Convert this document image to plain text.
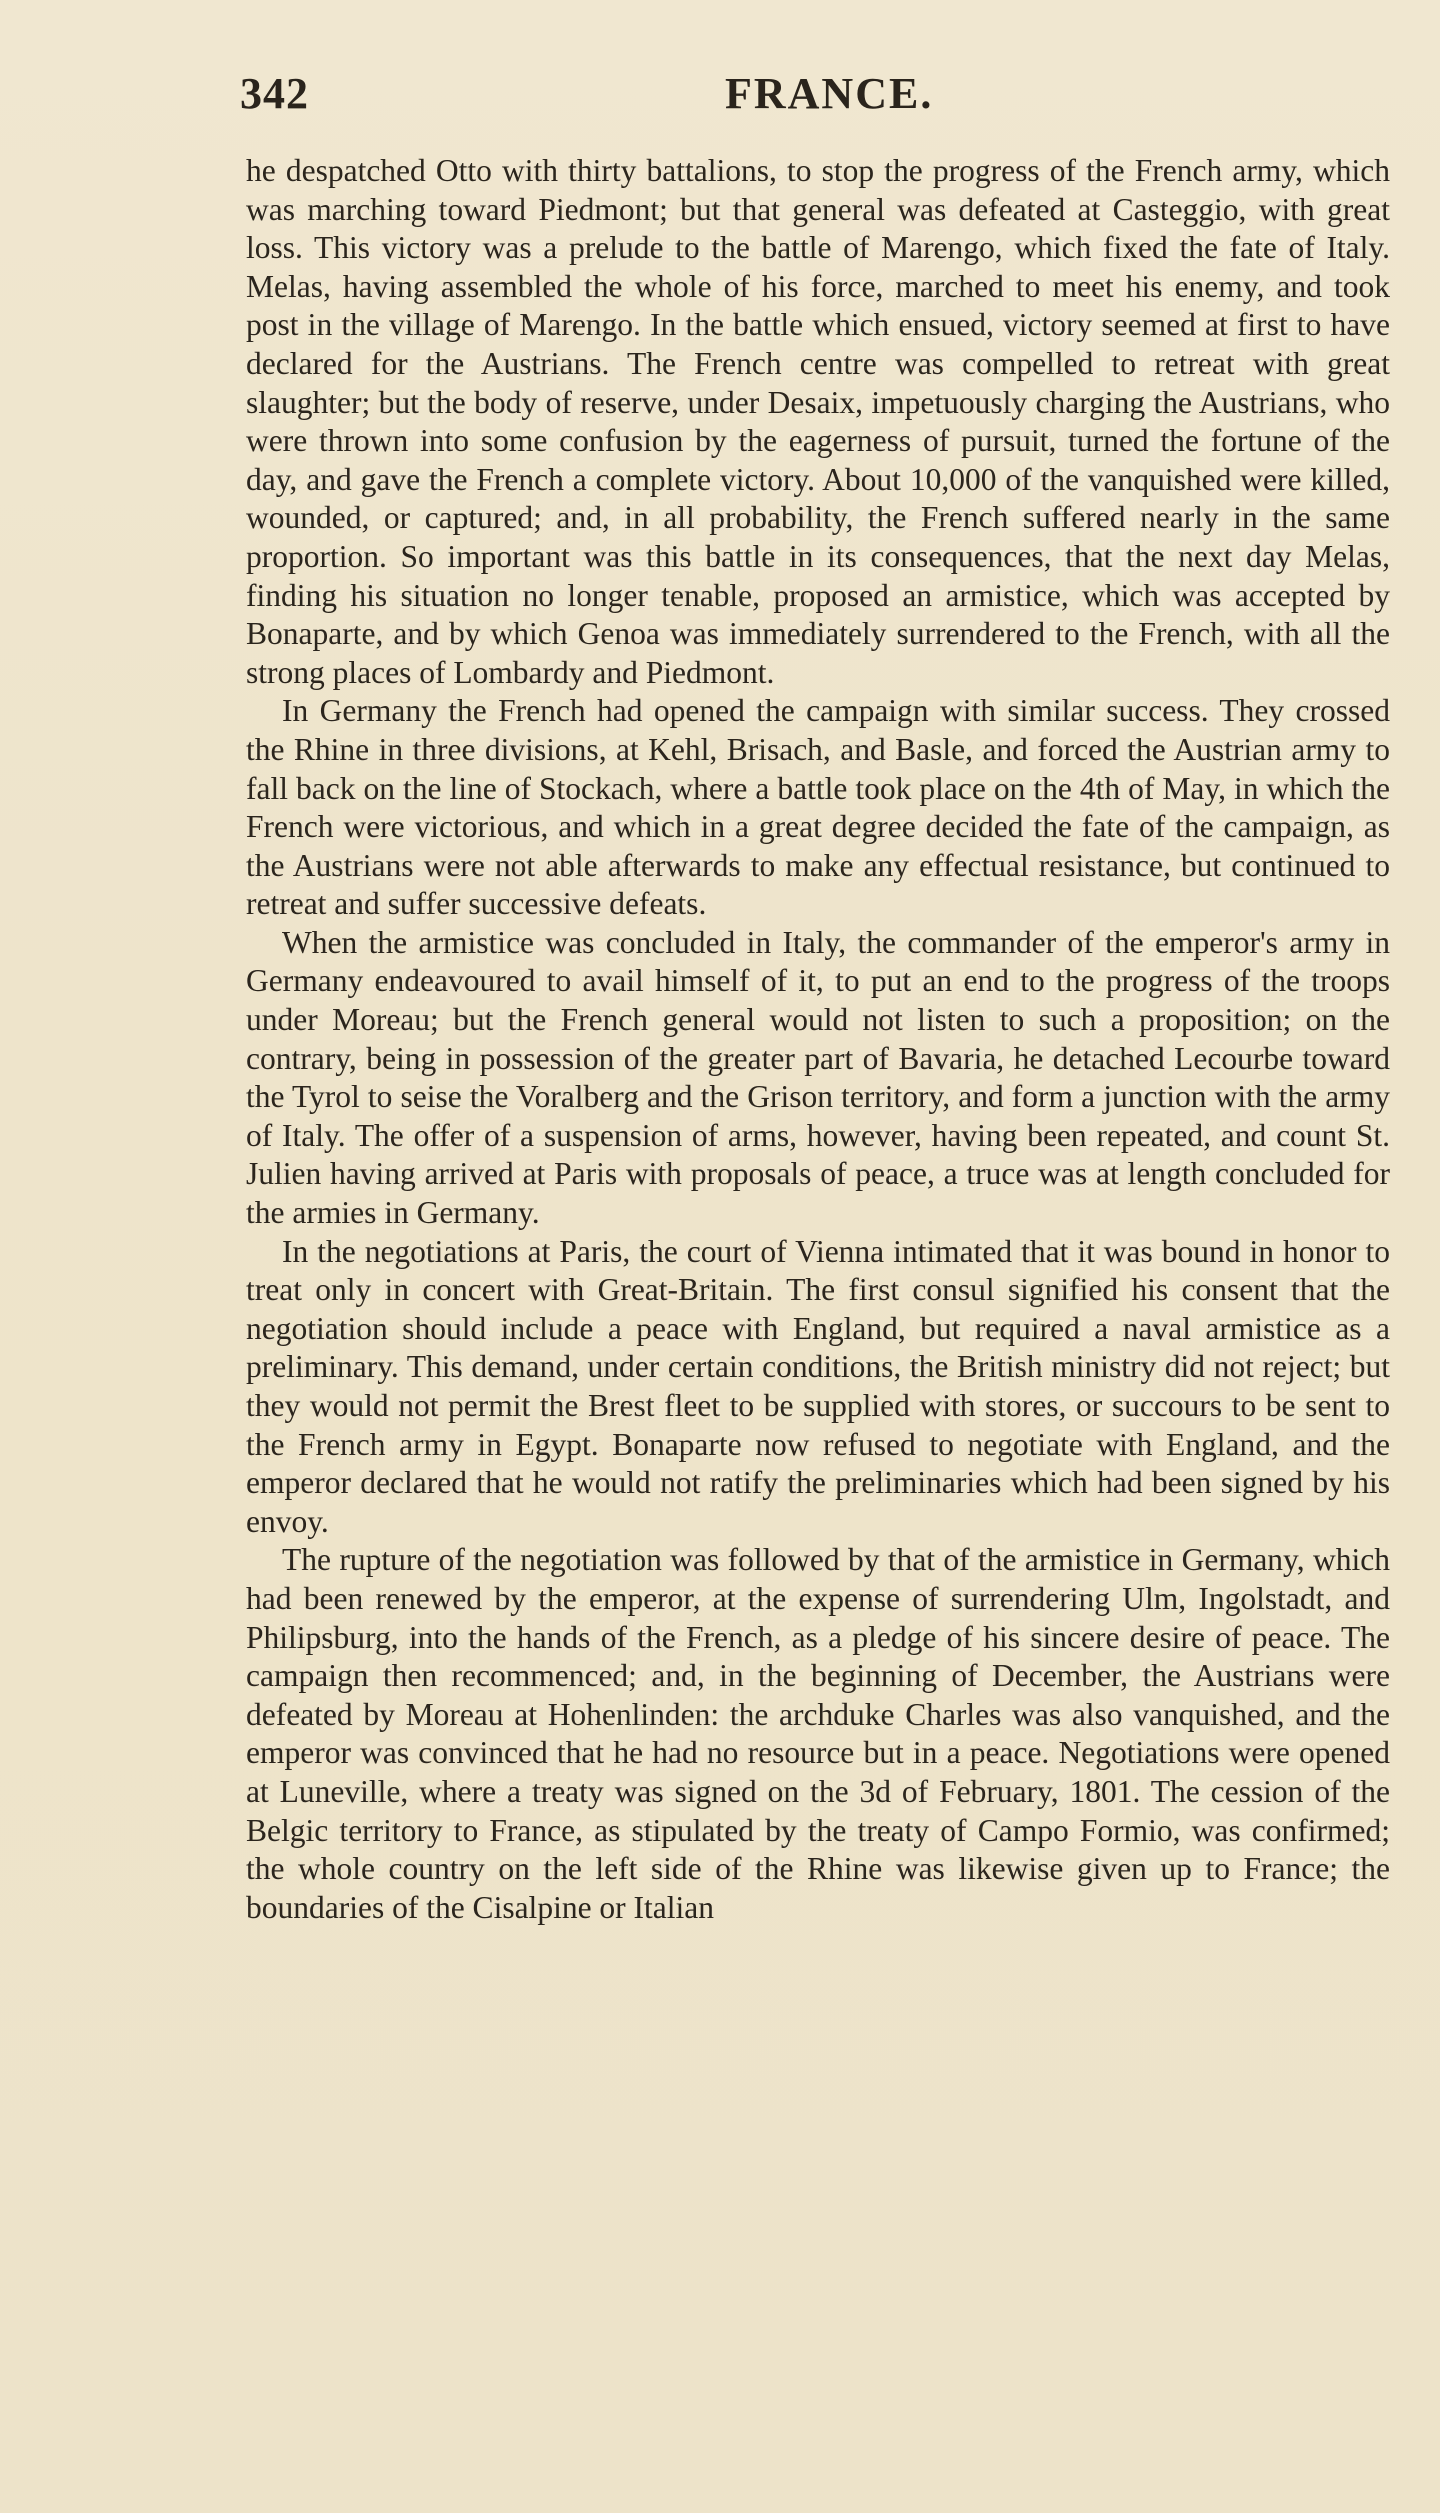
342	FRANCE.

he despatched Otto with thirty battalions, to stop the progress of the French army, which was marching toward Piedmont; but that general was defeated at Casteggio, with great loss. This victory was a prelude to the battle of Marengo, which fixed the fate of Italy. Melas, having assembled the whole of his force, marched to meet his enemy, and took post in the village of Marengo. In the battle which ensued, victory seemed at first to have declared for the Austrians. The French centre was compelled to retreat with great slaughter; but the body of reserve, under Desaix, impetuously charging the Austrians, who were thrown into some confusion by the eagerness of pursuit, turned the fortune of the day, and gave the French a complete victory. About 10,000 of the vanquished were killed, wounded, or captured; and, in all probability, the French suffered nearly in the same proportion. So important was this battle in its consequences, that the next day Melas, finding his situation no longer tenable, proposed an armistice, which was accepted by Bonaparte, and by which Genoa was immediately surrendered to the French, with all the strong places of Lombardy and Piedmont.

In Germany the French had opened the campaign with similar success. They crossed the Rhine in three divisions, at Kehl, Brisach, and Basle, and forced the Austrian army to fall back on the line of Stockach, where a battle took place on the 4th of May, in which the French were victorious, and which in a great degree decided the fate of the campaign, as the Austrians were not able afterwards to make any effectual resistance, but continued to retreat and suffer successive defeats.

When the armistice was concluded in Italy, the commander of the emperor's army in Germany endeavoured to avail himself of it, to put an end to the progress of the troops under Moreau; but the French general would not listen to such a proposition; on the contrary, being in possession of the greater part of Bavaria, he detached Lecourbe toward the Tyrol to seise the Voralberg and the Grison territory, and form a junction with the army of Italy. The offer of a suspension of arms, however, having been repeated, and count St. Julien having arrived at Paris with proposals of peace, a truce was at length concluded for the armies in Germany.

In the negotiations at Paris, the court of Vienna intimated that it was bound in honor to treat only in concert with Great-Britain. The first consul signified his consent that the negotiation should include a peace with England, but required a naval armistice as a preliminary. This demand, under certain conditions, the British ministry did not reject; but they would not permit the Brest fleet to be supplied with stores, or succours to be sent to the French army in Egypt. Bonaparte now refused to negotiate with England, and the emperor declared that he would not ratify the preliminaries which had been signed by his envoy.

The rupture of the negotiation was followed by that of the armistice in Germany, which had been renewed by the emperor, at the expense of surrendering Ulm, Ingolstadt, and Philipsburg, into the hands of the French, as a pledge of his sincere desire of peace. The campaign then recommenced; and, in the beginning of December, the Austrians were defeated by Moreau at Hohenlinden: the archduke Charles was also vanquished, and the emperor was convinced that he had no resource but in a peace. Negotiations were opened at Luneville, where a treaty was signed on the 3d of February, 1801. The cession of the Belgic territory to France, as stipulated by the treaty of Campo Formio, was confirmed; the whole country on the left side of the Rhine was likewise given up to France; the boundaries of the Cisalpine or Italian
